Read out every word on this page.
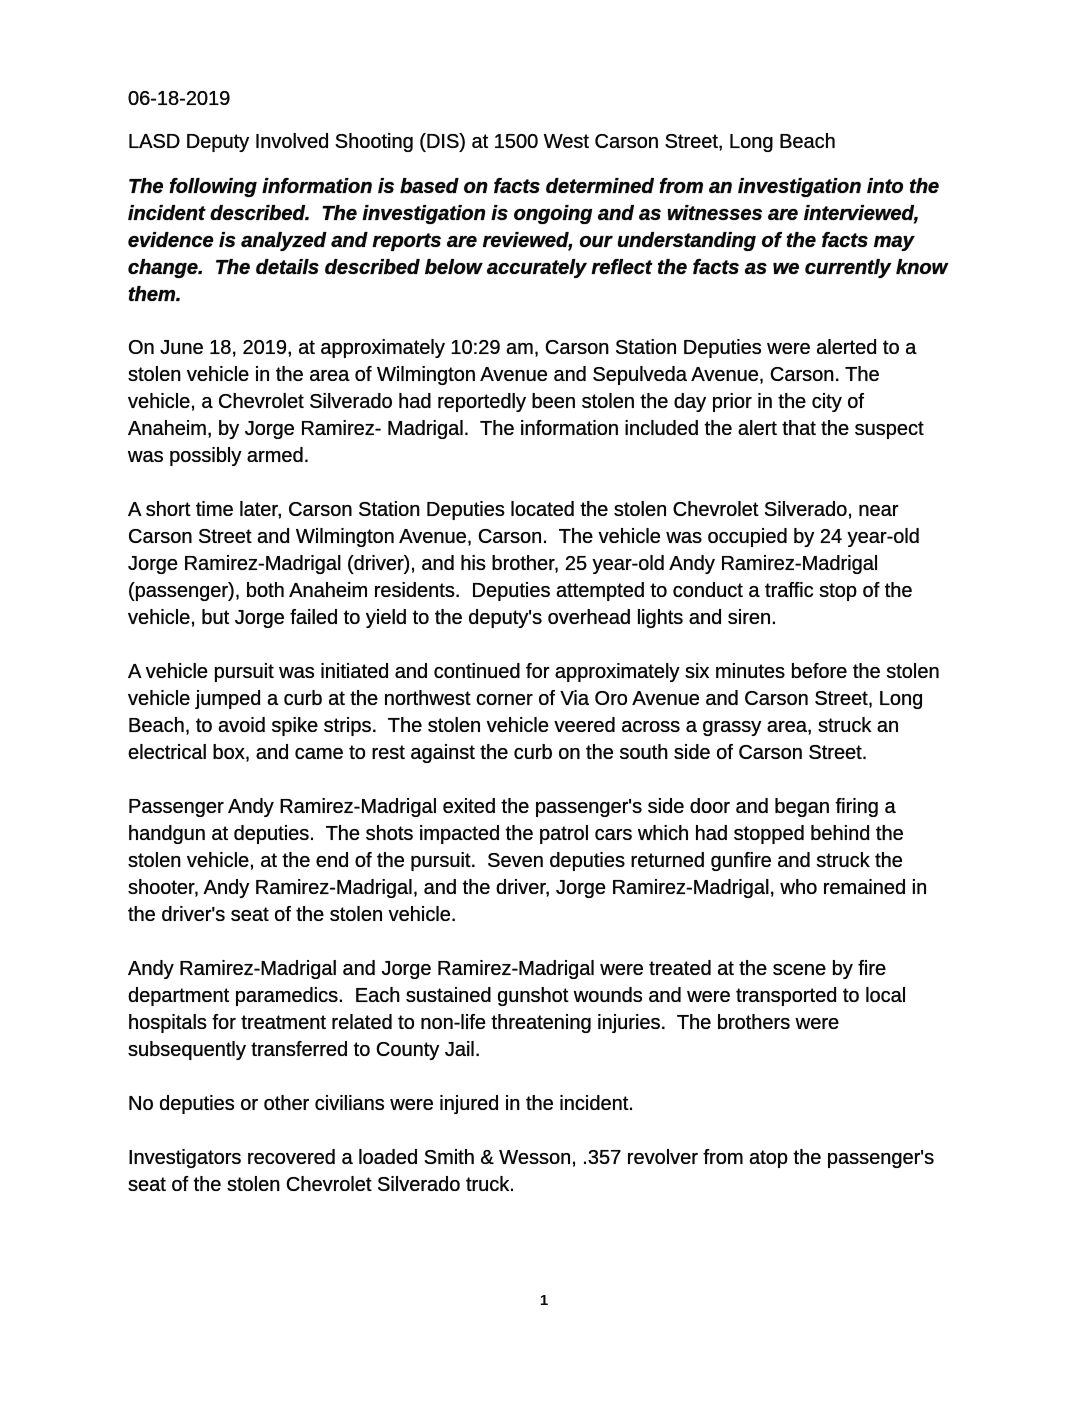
06-18-2019

LASD Deputy Involved Shooting (DIS) at 1500 West Carson Street, Long Beach

The following information is based on facts determined from an investigation into the incident described.  The investigation is ongoing and as witnesses are interviewed, evidence is analyzed and reports are reviewed, our understanding of the facts may change.  The details described below accurately reflect the facts as we currently know them.

On June 18, 2019, at approximately 10:29 am, Carson Station Deputies were alerted to a stolen vehicle in the area of Wilmington Avenue and Sepulveda Avenue, Carson. The vehicle, a Chevrolet Silverado had reportedly been stolen the day prior in the city of Anaheim, by Jorge Ramirez- Madrigal.  The information included the alert that the suspect was possibly armed.

A short time later, Carson Station Deputies located the stolen Chevrolet Silverado, near Carson Street and Wilmington Avenue, Carson.  The vehicle was occupied by 24 year-old Jorge Ramirez-Madrigal (driver), and his brother, 25 year-old Andy Ramirez-Madrigal (passenger), both Anaheim residents.  Deputies attempted to conduct a traffic stop of the vehicle, but Jorge failed to yield to the deputy's overhead lights and siren.

A vehicle pursuit was initiated and continued for approximately six minutes before the stolen vehicle jumped a curb at the northwest corner of Via Oro Avenue and Carson Street, Long Beach, to avoid spike strips.  The stolen vehicle veered across a grassy area, struck an electrical box, and came to rest against the curb on the south side of Carson Street.

Passenger Andy Ramirez-Madrigal exited the passenger's side door and began firing a handgun at deputies.  The shots impacted the patrol cars which had stopped behind the stolen vehicle, at the end of the pursuit.  Seven deputies returned gunfire and struck the shooter, Andy Ramirez-Madrigal, and the driver, Jorge Ramirez-Madrigal, who remained in the driver's seat of the stolen vehicle.

Andy Ramirez-Madrigal and Jorge Ramirez-Madrigal were treated at the scene by fire department paramedics.  Each sustained gunshot wounds and were transported to local hospitals for treatment related to non-life threatening injuries.  The brothers were subsequently transferred to County Jail.

No deputies or other civilians were injured in the incident.

Investigators recovered a loaded Smith & Wesson, .357 revolver from atop the passenger's seat of the stolen Chevrolet Silverado truck.

1
